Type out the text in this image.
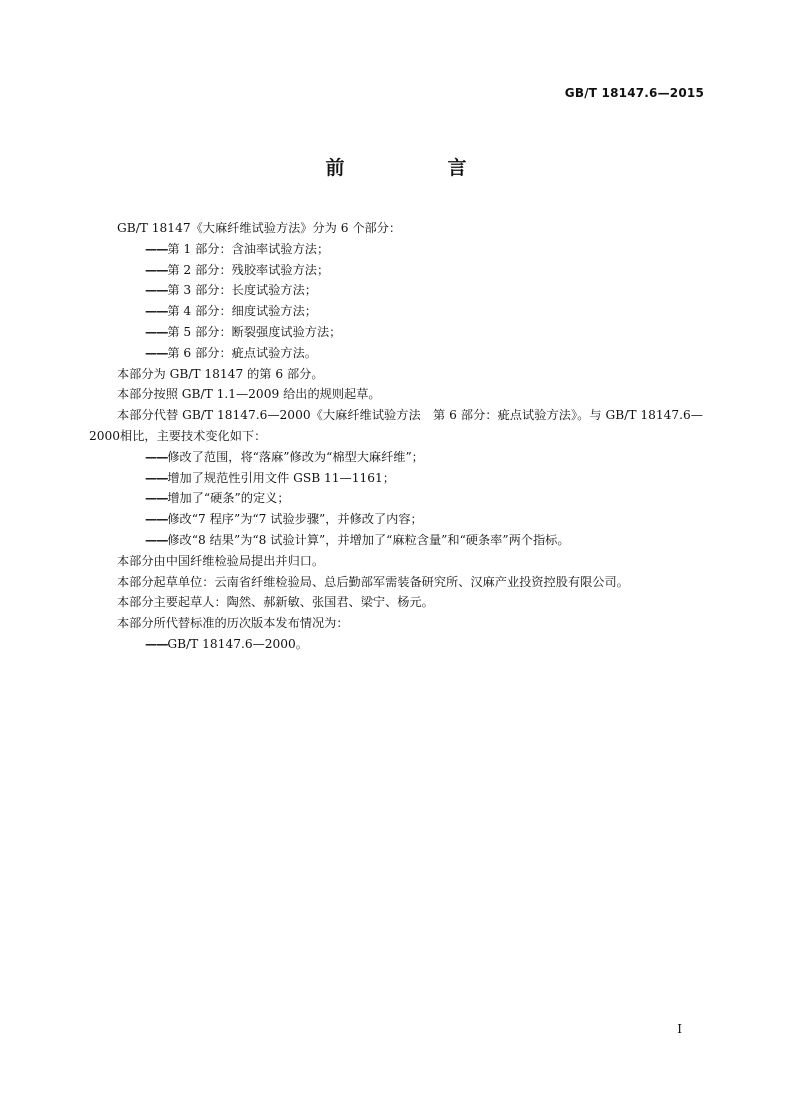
GB/T 18147.6—2015
前　言
GB/T 18147《大麻纤维试验方法》分为 6 个部分：
——第 1 部分：含油率试验方法；
——第 2 部分：残胶率试验方法；
——第 3 部分：长度试验方法；
——第 4 部分：细度试验方法；
——第 5 部分：断裂强度试验方法；
——第 6 部分：疵点试验方法。
本部分为 GB/T 18147 的第 6 部分。
本部分按照 GB/T 1.1—2009 给出的规则起草。
本部分代替 GB/T 18147.6—2000《大麻纤维试验方法　第 6 部分：疵点试验方法》。与 GB/T 18147.6—2000相比，主要技术变化如下：
——修改了范围，将“落麻”修改为“棉型大麻纤维”；
——增加了规范性引用文件 GSB 11—1161；
——增加了“硬条”的定义；
——修改“7 程序”为“7 试验步骤”，并修改了内容；
——修改“8 结果”为“8 试验计算”，并增加了“麻粒含量”和“硬条率”两个指标。
本部分由中国纤维检验局提出并归口。
本部分起草单位：云南省纤维检验局、总后勤部军需装备研究所、汉麻产业投资控股有限公司。
本部分主要起草人：陶然、郝新敏、张国君、梁宁、杨元。
本部分所代替标准的历次版本发布情况为：
——GB/T 18147.6—2000。
I
